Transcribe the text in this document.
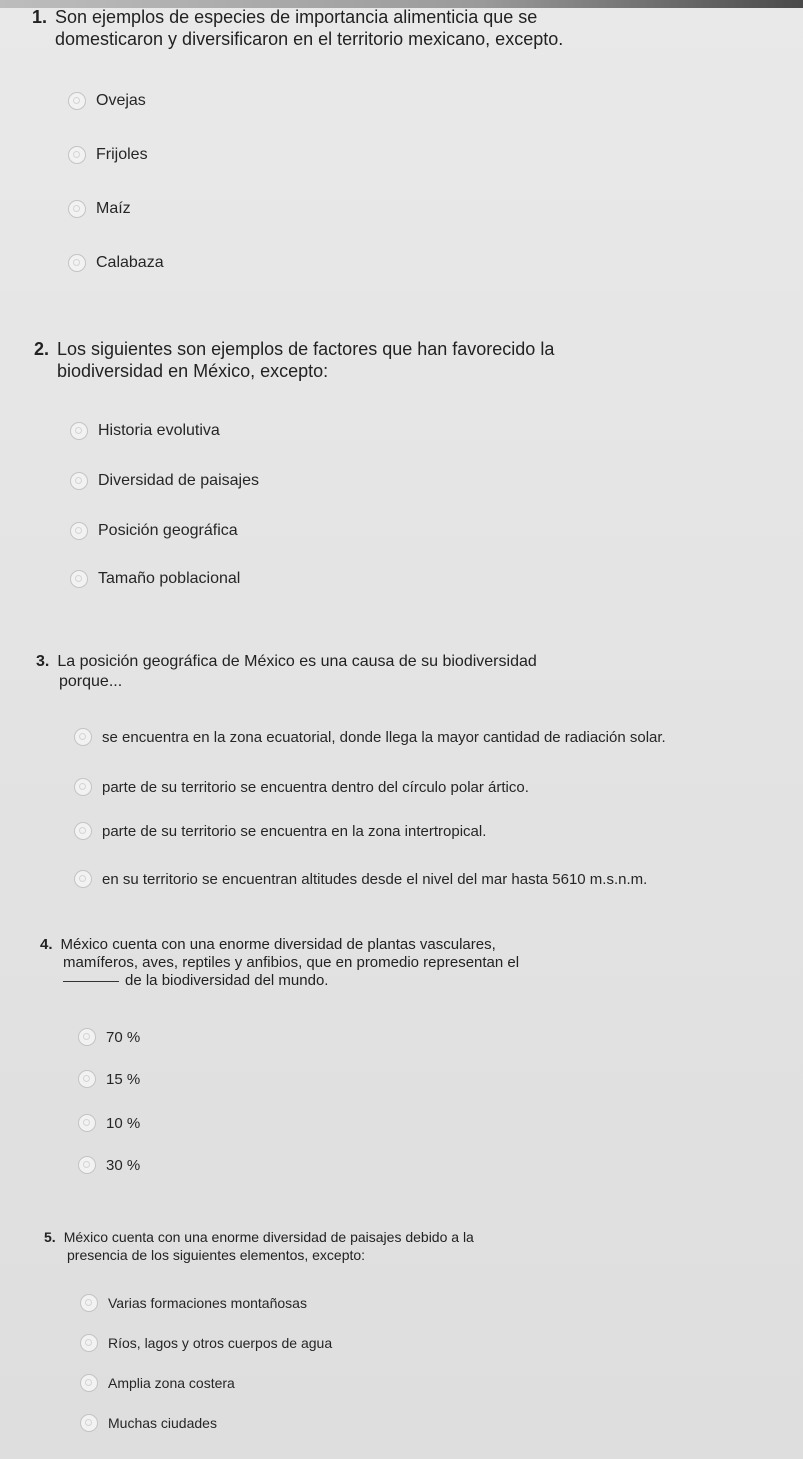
1. Son ejemplos de especies de importancia alimenticia que se
domesticaron y diversificaron en el territorio mexicano, excepto.
Ovejas
Frijoles
Maíz
Calabaza
2. Los siguientes son ejemplos de factores que han favorecido la
biodiversidad en México, excepto:
Historia evolutiva
Diversidad de paisajes
Posición geográfica
Tamaño poblacional
3. La posición geográfica de México es una causa de su biodiversidad
porque...
se encuentra en la zona ecuatorial, donde llega la mayor cantidad de radiación solar.
parte de su territorio se encuentra dentro del círculo polar ártico.
parte de su territorio se encuentra en la zona intertropical.
en su territorio se encuentran altitudes desde el nivel del mar hasta 5610 m.s.n.m.
4. México cuenta con una enorme diversidad de plantas vasculares,
mamíferos, aves, reptiles y anfibios, que en promedio representan el
de la biodiversidad del mundo.
70 %
15 %
10 %
30 %
5. México cuenta con una enorme diversidad de paisajes debido a la
presencia de los siguientes elementos, excepto:
Varias formaciones montañosas
Ríos, lagos y otros cuerpos de agua
Amplia zona costera
Muchas ciudades
